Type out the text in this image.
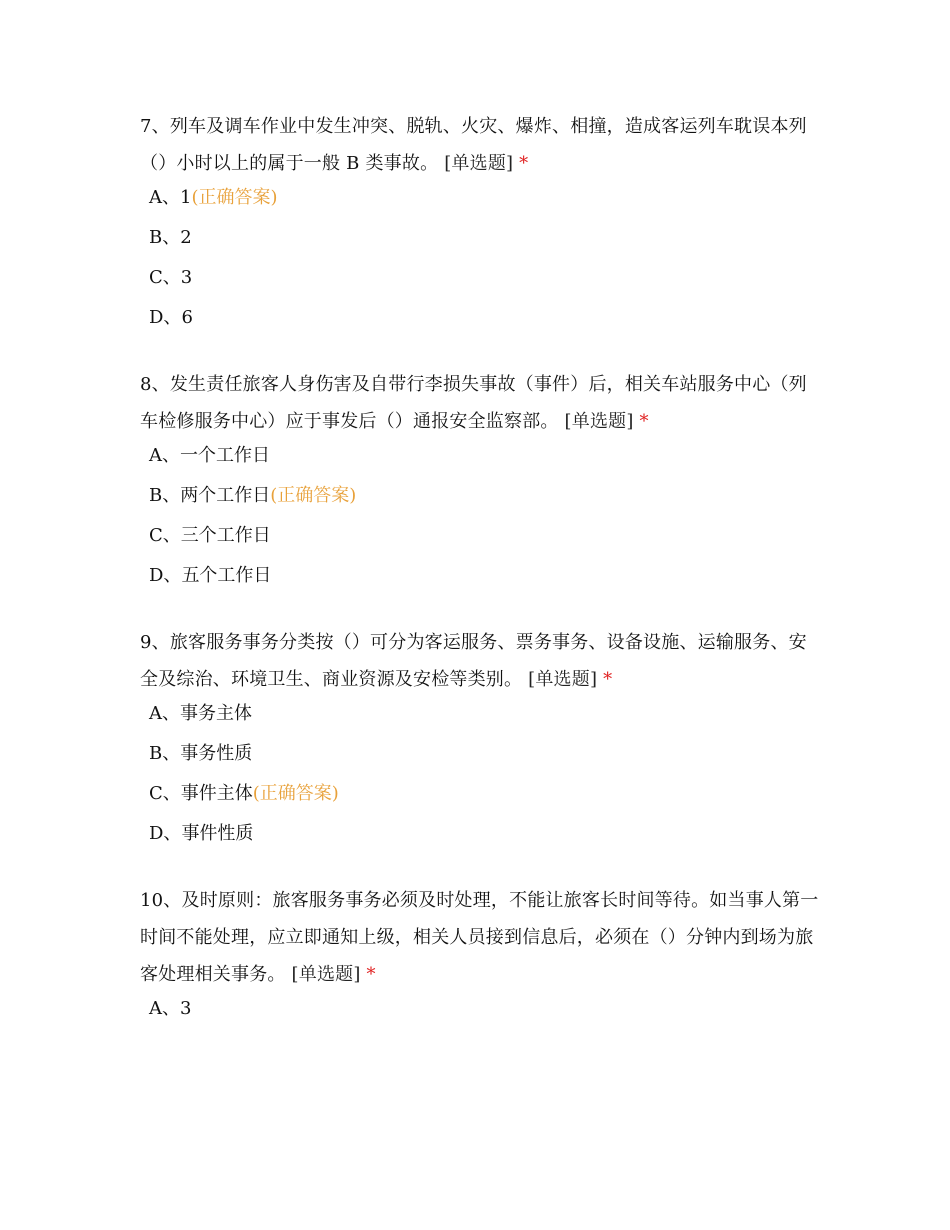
7、列车及调车作业中发生冲突、脱轨、火灾、爆炸、相撞，造成客运列车耽误本列（）小时以上的属于一般 B 类事故。 [单选题] *
A、1(正确答案)
B、2
C、3
D、6
8、发生责任旅客人身伤害及自带行李损失事故（事件）后，相关车站服务中心（列车检修服务中心）应于事发后（）通报安全监察部。 [单选题] *
A、一个工作日
B、两个工作日(正确答案)
C、三个工作日
D、五个工作日
9、旅客服务事务分类按（）可分为客运服务、票务事务、设备设施、运输服务、安全及综治、环境卫生、商业资源及安检等类别。 [单选题] *
A、事务主体
B、事务性质
C、事件主体(正确答案)
D、事件性质
10、及时原则：旅客服务事务必须及时处理，不能让旅客长时间等待。如当事人第一时间不能处理，应立即通知上级，相关人员接到信息后，必须在（）分钟内到场为旅客处理相关事务。 [单选题] *
A、3
